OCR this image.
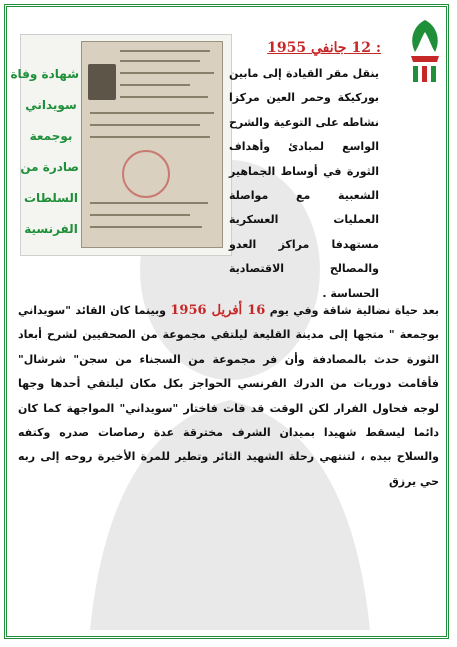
شهادة وفاة
سويداني
بوجمعة
صادرة من
السلطات
الفرنسية
: 12 جانفي 1955
ينقل مقر القيادة إلى مابين بوركيكة وحمر العين مركزا نشاطه على التوعية والشرح الواسع لمبادئ وأهداف الثورة في أوساط الجماهير الشعبية مع مواصلة العمليات العسكرية مستهدفا مراكز العدو والمصالح الاقتصادية الحساسة .
بعد حياة نضالية شاقة وفي يوم 16 أفريل 1956 وبينما كان القائد "سويداني بوجمعة " متجها إلى مدينة القليعة ليلتقي مجموعة من الصحفيين لشرح أبعاد الثورة حدث بالمصادفة وأن فر مجموعة من السجناء من سجن" شرشال" فأقامت دوريات من الدرك الفرنسي الحواجز بكل مكان ليلتقي أحدها وجها لوجه فحاول الفرار لكن الوقت قد فات فاختار "سويداني" المواجهة كما كان دائما ليسقط شهيدا بميدان الشرف مخترقة عدة رصاصات صدره وكتفه والسلاح بيده ، لتنتهي رحلة الشهيد الثائر وتطير للمرة الأخيرة روحه إلى ربه حي يرزق
